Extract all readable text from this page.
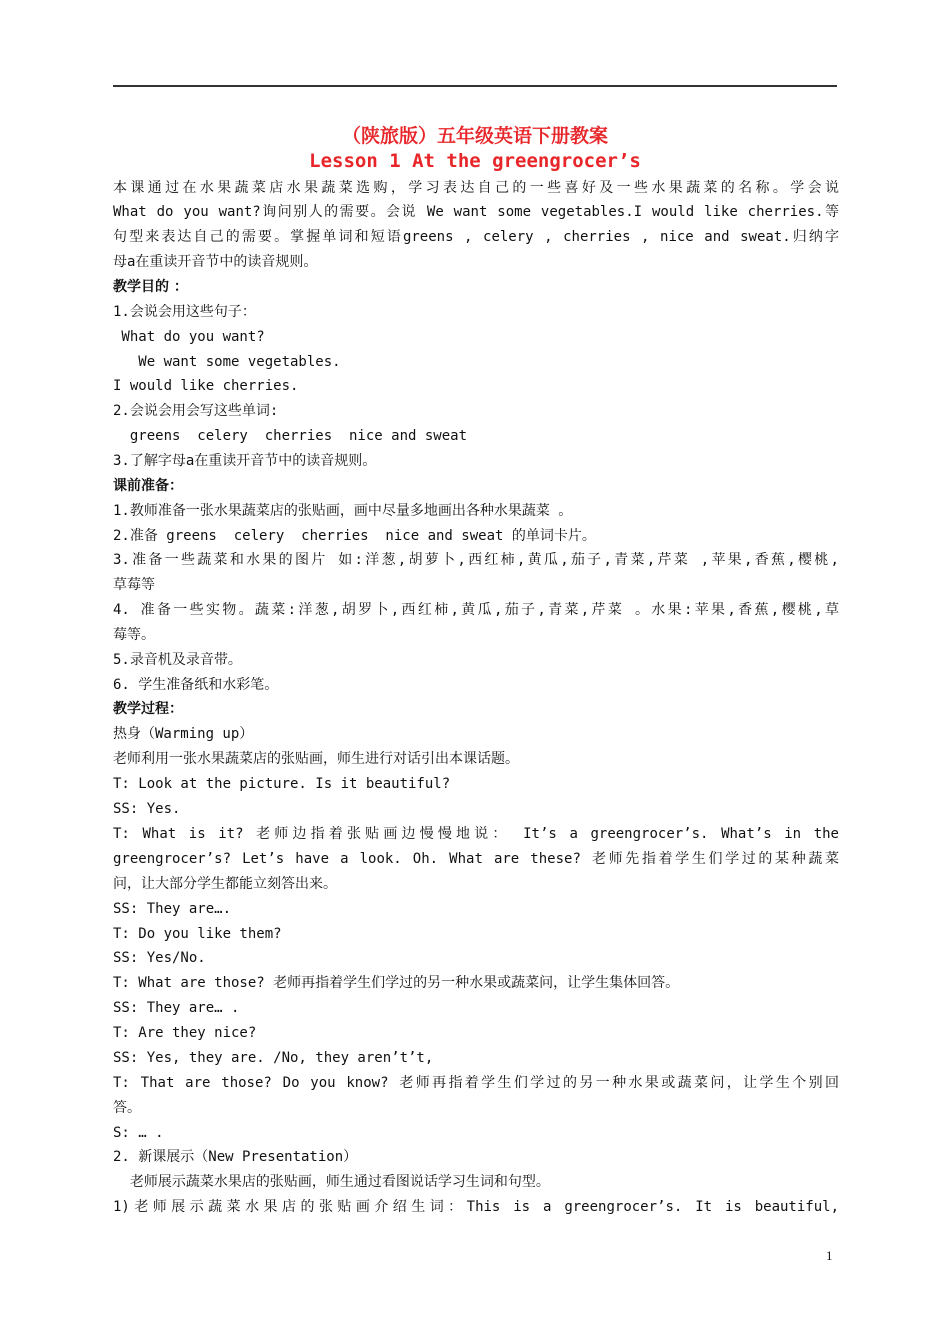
（陕旅版）五年级英语下册教案
Lesson 1 At the greengrocer’s
本课通过在水果蔬菜店水果蔬菜选购，学习表达自己的一些喜好及一些水果蔬菜的名称。学会说
What do you want?询问别人的需要。会说 We want some vegetables.I would like cherries.等
句型来表达自己的需要。掌握单词和短语greens , celery , cherries , nice and sweat.归纳字
母a在重读开音节中的读音规则。
教学目的 ：
1.会说会用这些句子：
What do you want?
We want some vegetables.
I would like cherries.
2.会说会用会写这些单词:
greens  celery  cherries  nice and sweat
3.了解字母a在重读开音节中的读音规则。
课前准备：
1.教师准备一张水果蔬菜店的张贴画，画中尽量多地画出各种水果蔬菜 。
2.准备 greens  celery  cherries  nice and sweat 的单词卡片。
3.准备一些蔬菜和水果的图片 如:洋葱,胡萝卜,西红柿,黄瓜,茄子,青菜,芹菜 ,苹果,香蕉,樱桃,
草莓等
4. 准备一些实物。蔬菜:洋葱,胡罗卜,西红柿,黄瓜,茄子,青菜,芹菜 。水果:苹果,香蕉,樱桃,草
莓等。
5.录音机及录音带。
6. 学生准备纸和水彩笔。
教学过程：
热身（Warming up）
老师利用一张水果蔬菜店的张贴画，师生进行对话引出本课话题。
T: Look at the picture. Is it beautiful?
SS: Yes.
T: What is it? 老师边指着张贴画边慢慢地说： It’s a greengrocer’s. What’s in the
greengrocer’s? Let’s have a look. Oh. What are these? 老师先指着学生们学过的某种蔬菜
问，让大部分学生都能立刻答出来。
SS: They are….
T: Do you like them?
SS: Yes/No.
T: What are those? 老师再指着学生们学过的另一种水果或蔬菜问，让学生集体回答。
SS: They are… .
T: Are they nice?
SS: Yes, they are. /No, they aren’t’t,
T: That are those? Do you know? 老师再指着学生们学过的另一种水果或蔬菜问，让学生个别回
答。
S: … .
2. 新课展示（New Presentation）
老师展示蔬菜水果店的张贴画，师生通过看图说话学习生词和句型。
1)老师展示蔬菜水果店的张贴画介绍生词：This is a greengrocer’s. It is beautiful,
1
